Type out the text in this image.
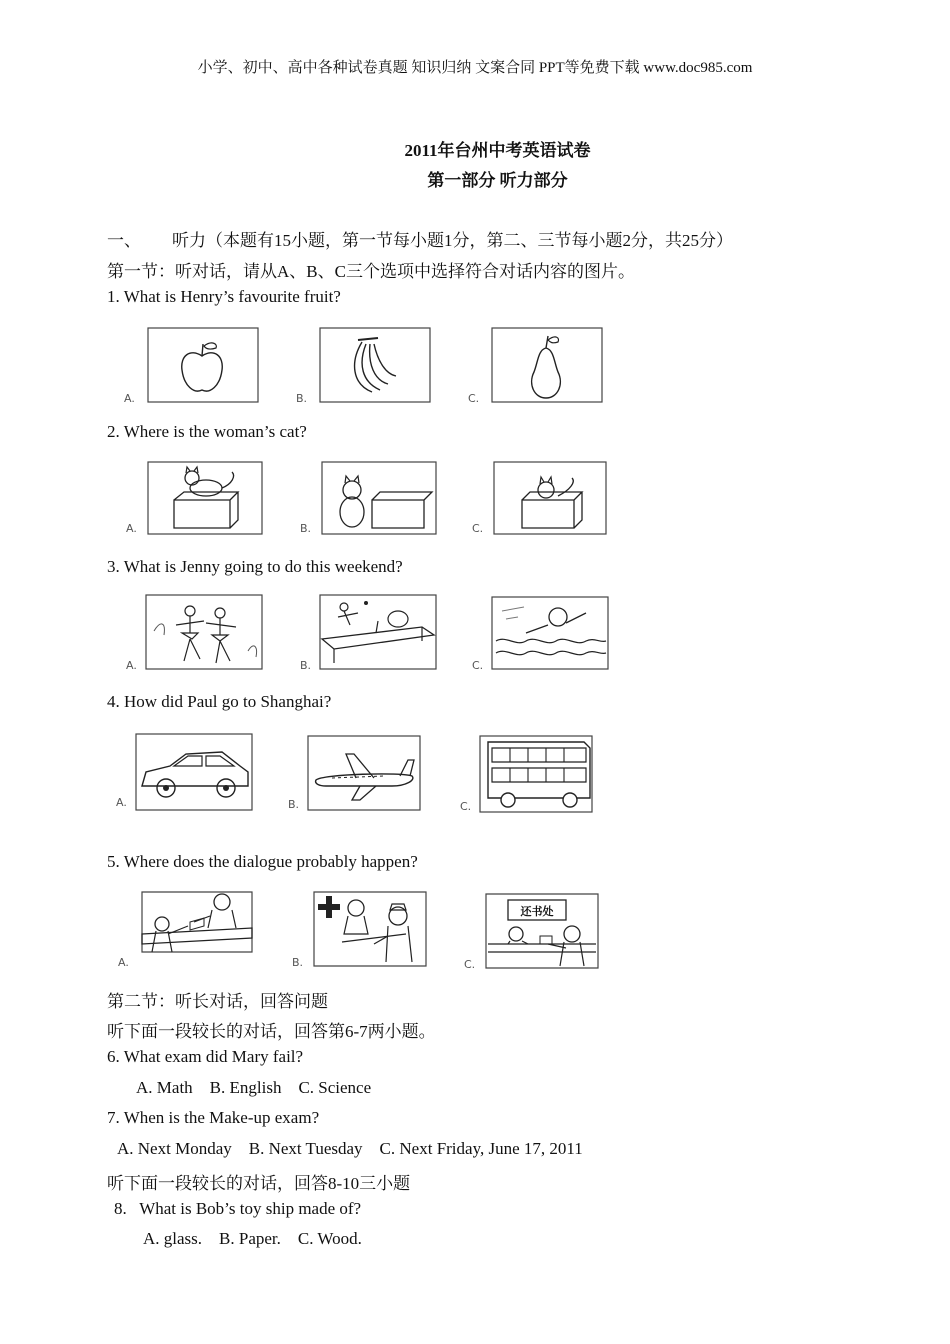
小学、初中、高中各种试卷真题 知识归纳 文案合同 PPT等免费下载 www.doc985.com
2011年台州中考英语试卷
第一部分 听力部分
一、 听力（本题有15小题，第一节每小题1分，第二、三节每小题2分，共25分）
第一节：听对话，请从A、B、C三个选项中选择符合对话内容的图片。
1. What is Henry’s favourite fruit?
A.	B.	C.
2. Where is the woman’s cat?
A.	B.	C.
3. What is Jenny going to do this weekend?
A.	B.	C.
4. How did Paul go to Shanghai?
A.	B.	C.
5. Where does the dialogue probably happen?
A.	B.
还书处
C.
第二节：听长对话，回答问题
听下面一段较长的对话，回答第6-7两小题。
6. What exam did Mary fail?
A. Math    B. English    C. Science
7. When is the Make-up exam?
A. Next Monday    B. Next Tuesday    C. Next Friday, June 17, 2011
听下面一段较长的对话，回答8-10三小题
8.   What is Bob’s toy ship made of?
A. glass.    B. Paper.    C. Wood.
